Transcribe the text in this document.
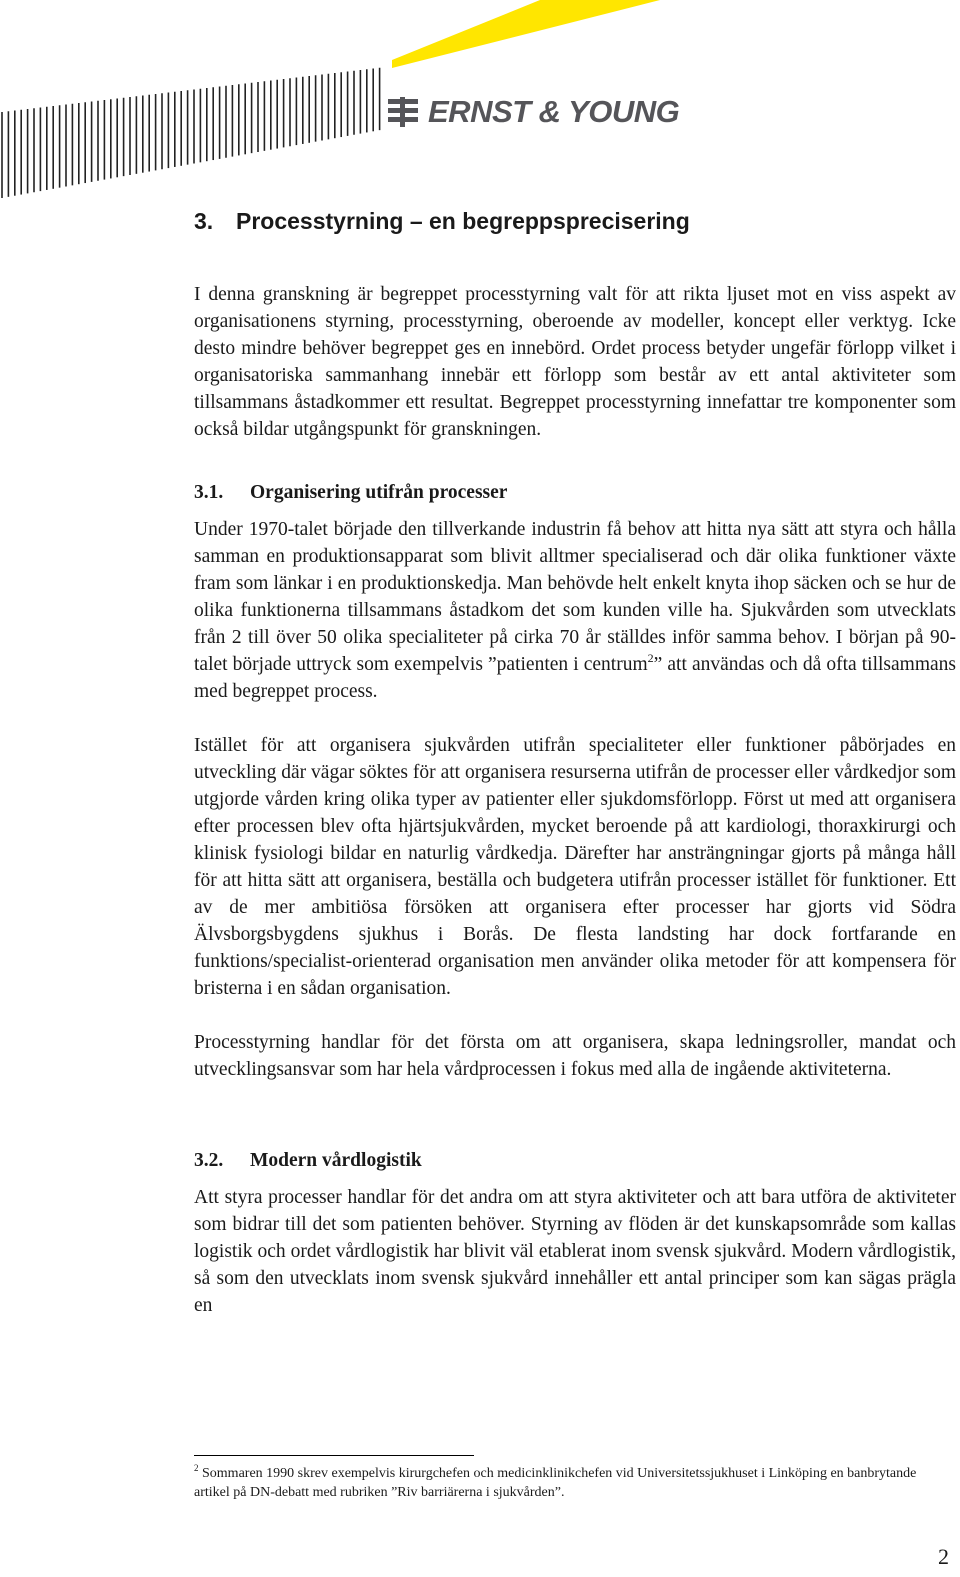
ERNST & YOUNG
3. Processtyrning – en begreppsprecisering

I denna granskning är begreppet processtyrning valt för att rikta ljuset mot en viss aspekt av organisationens styrning, processtyrning, oberoende av modeller, koncept eller verktyg. Icke desto mindre behöver begreppet ges en innebörd. Ordet process betyder ungefär förlopp vilket i organisatoriska sammanhang innebär ett förlopp som består av ett antal aktiviteter som tillsammans åstadkommer ett resultat. Begreppet processtyrning innefattar tre komponenter som också bildar utgångspunkt för granskningen.

3.1. Organisering utifrån processer

Under 1970-talet började den tillverkande industrin få behov att hitta nya sätt att styra och hålla samman en produktionsapparat som blivit alltmer specialiserad och där olika funktioner växte fram som länkar i en produktionskedja. Man behövde helt enkelt knyta ihop säcken och se hur de olika funktionerna tillsammans åstadkom det som kunden ville ha. Sjukvården som utvecklats från 2 till över 50 olika specialiteter på cirka 70 år ställdes inför samma behov. I början på 90-talet började uttryck som exempelvis ”patienten i centrum$^2$” att användas och då ofta tillsammans med begreppet process.

Istället för att organisera sjukvården utifrån specialiteter eller funktioner påbörjades en utveckling där vägar söktes för att organisera resurserna utifrån de processer eller vårdkedjor som utgjorde vården kring olika typer av patienter eller sjukdomsförlopp. Först ut med att organisera efter processen blev ofta hjärtsjukvården, mycket beroende på att kardiologi, thoraxkirurgi och klinisk fysiologi bildar en naturlig vårdkedja. Därefter har ansträngningar gjorts på många håll för att hitta sätt att organisera, beställa och budgetera utifrån processer istället för funktioner. Ett av de mer ambitiösa försöken att organisera efter processer har gjorts vid Södra Älvsborgsbygdens sjukhus i Borås. De flesta landsting har dock fortfarande en funktions/specialist-orienterad organisation men använder olika metoder för att kompensera för bristerna i en sådan organisation.

Processtyrning handlar för det första om att organisera, skapa ledningsroller, mandat och utvecklingsansvar som har hela vårdprocessen i fokus med alla de ingående aktiviteterna.

3.2. Modern vårdlogistik

Att styra processer handlar för det andra om att styra aktiviteter och att bara utföra de aktiviteter som bidrar till det som patienten behöver. Styrning av flöden är det kunskapsområde som kallas logistik och ordet vårdlogistik har blivit väl etablerat inom svensk sjukvård. Modern vårdlogistik, så som den utvecklats inom svensk sjukvård innehåller ett antal principer som kan sägas prägla en

$^2$ Sommaren 1990 skrev exempelvis kirurgchefen och medicinklinikchefen vid Universitetssjukhuset i Linköping en banbrytande artikel på DN-debatt med rubriken ”Riv barriärerna i sjukvården”.
2
